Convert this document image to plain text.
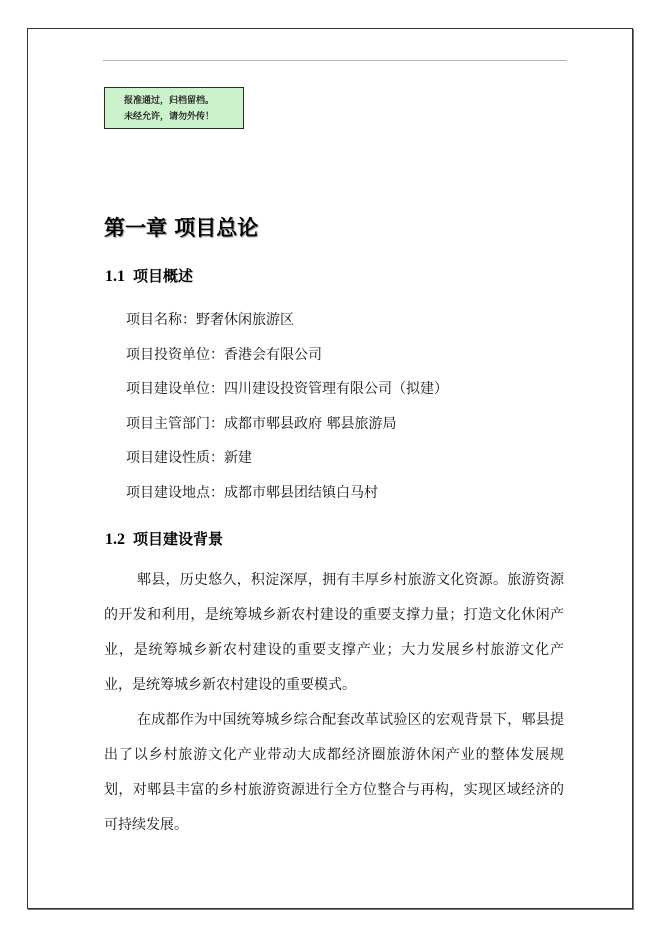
报准通过，归档留档。
未经允许，请勿外传！
第一章 项目总论
1.1 项目概述
项目名称：野奢休闲旅游区
项目投资单位：香港会有限公司
项目建设单位：四川建设投资管理有限公司（拟建）
项目主管部门：成都市郫县政府 郫县旅游局
项目建设性质：新建
项目建设地点：成都市郫县团结镇白马村
1.2 项目建设背景

郫县，历史悠久，积淀深厚，拥有丰厚乡村旅游文化资源。旅游资源的开发和利用，是统筹城乡新农村建设的重要支撑力量；打造文化休闲产业，是统筹城乡新农村建设的重要支撑产业；大力发展乡村旅游文化产业，是统筹城乡新农村建设的重要模式。

在成都作为中国统筹城乡综合配套改革试验区的宏观背景下，郫县提出了以乡村旅游文化产业带动大成都经济圈旅游休闲产业的整体发展规划，对郫县丰富的乡村旅游资源进行全方位整合与再构，实现区域经济的可持续发展。
